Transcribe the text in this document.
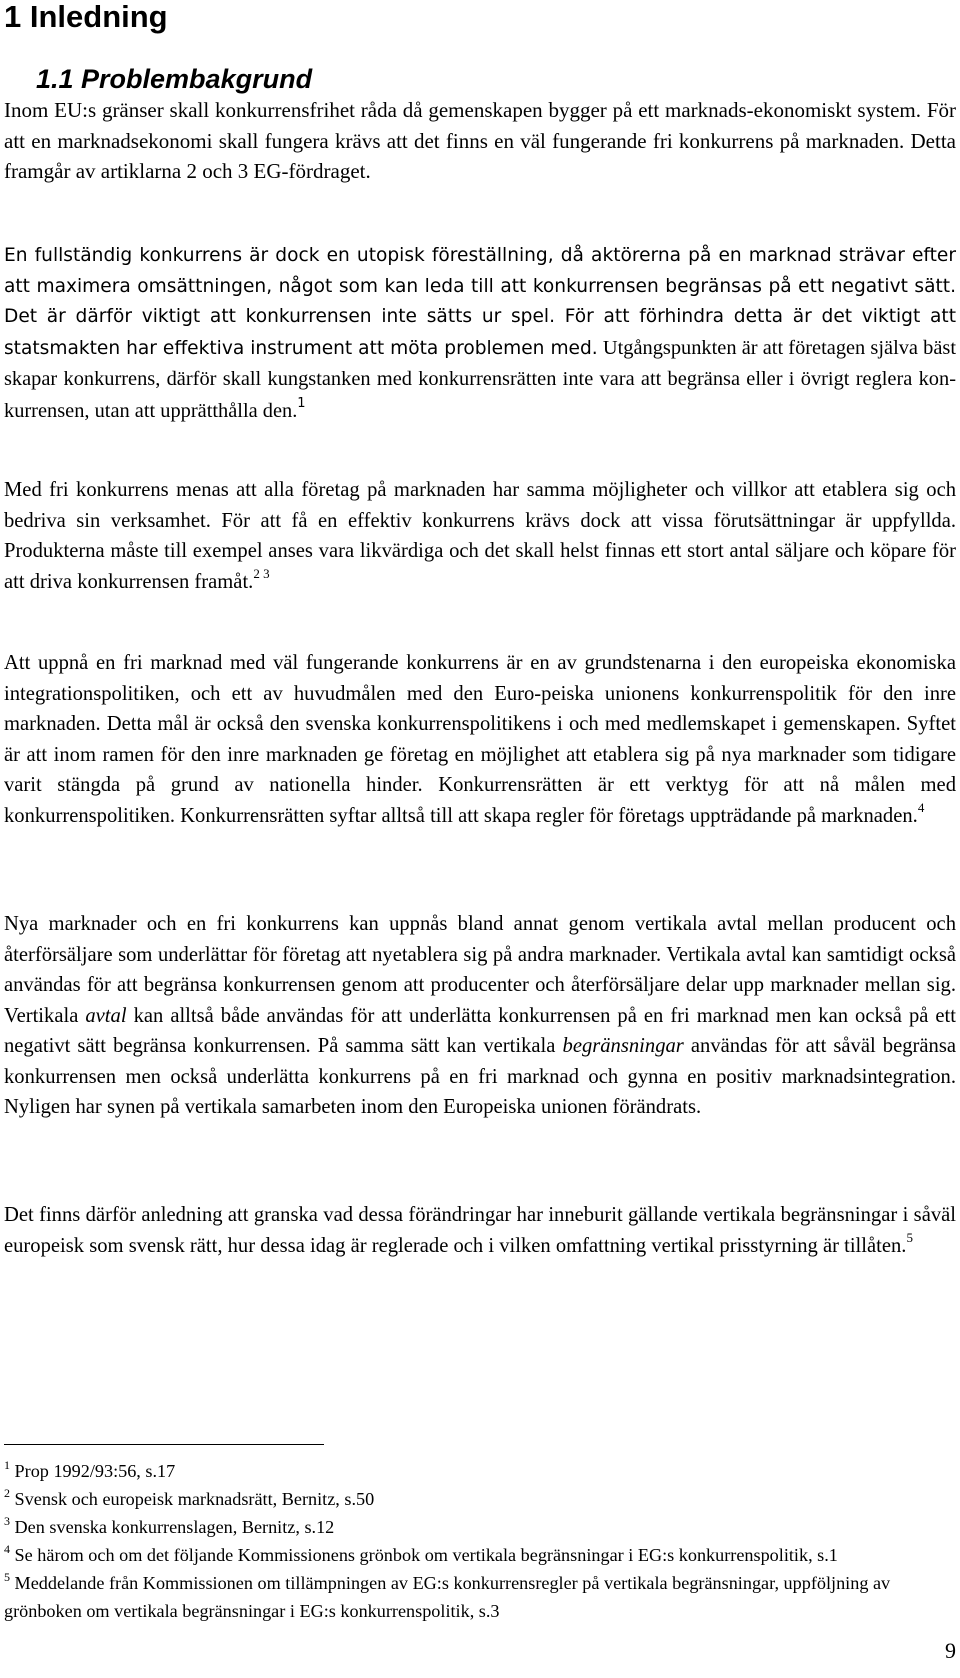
1 Inledning
1.1 Problembakgrund

Inom EU:s gränser skall konkurrensfrihet råda då gemenskapen bygger på ett marknads-ekonomiskt system. För att en marknadsekonomi skall fungera krävs att det finns en väl fungerande fri konkurrens på marknaden. Detta framgår av artiklarna 2 och 3 EG-fördraget.

En fullständig konkurrens är dock en utopisk föreställning, då aktörerna på en marknad strävar efter att maximera omsättningen, något som kan leda till att konkurrensen begränsas på ett negativt sätt. Det är därför viktigt att konkurrensen inte sätts ur spel. För att förhindra detta är det viktigt att statsmakten har effektiva instrument att möta problemen med. Utgångspunkten är att företagen själva bäst skapar konkurrens, därför skall kungstanken med konkurrensrätten inte vara att begränsa eller i övrigt reglera kon-kurrensen, utan att upprätthålla den.$^1$

Med fri konkurrens menas att alla företag på marknaden har samma möjligheter och villkor att etablera sig och bedriva sin verksamhet. För att få en effektiv konkurrens krävs dock att vissa förutsättningar är uppfyllda. Produkterna måste till exempel anses vara likvärdiga och det skall helst finnas ett stort antal säljare och köpare för att driva konkurrensen framåt.$^{2 3}$

Att uppnå en fri marknad med väl fungerande konkurrens är en av grundstenarna i den europeiska ekonomiska integrationspolitiken, och ett av huvudmålen med den Euro-peiska unionens konkurrenspolitik för den inre marknaden. Detta mål är också den svenska konkurrenspolitikens i och med medlemskapet i gemenskapen. Syftet är att inom ramen för den inre marknaden ge företag en möjlighet att etablera sig på nya marknader som tidigare varit stängda på grund av nationella hinder. Konkurrensrätten är ett verktyg för att nå målen med konkurrenspolitiken. Konkurrensrätten syftar alltså till att skapa regler för företags uppträdande på marknaden.$^4$

Nya marknader och en fri konkurrens kan uppnås bland annat genom vertikala avtal mellan producent och återförsäljare som underlättar för företag att nyetablera sig på andra marknader. Vertikala avtal kan samtidigt också användas för att begränsa konkurrensen genom att producenter och återförsäljare delar upp marknader mellan sig. Vertikala avtal kan alltså både användas för att underlätta konkurrensen på en fri marknad men kan också på ett negativt sätt begränsa konkurrensen. På samma sätt kan vertikala begränsningar användas för att såväl begränsa konkurrensen men också underlätta konkurrens på en fri marknad och gynna en positiv marknadsintegration. Nyligen har synen på vertikala samarbeten inom den Europeiska unionen förändrats.

Det finns därför anledning att granska vad dessa förändringar har inneburit gällande vertikala begränsningar i såväl europeisk som svensk rätt, hur dessa idag är reglerade och i vilken omfattning vertikal prisstyrning är tillåten.$^5$

$^1$ Prop 1992/93:56, s.17

$^2$ Svensk och europeisk marknadsrätt, Bernitz, s.50

$^3$ Den svenska konkurrenslagen, Bernitz, s.12

$^4$ Se härom och om det följande Kommissionens grönbok om vertikala begränsningar i EG:s konkurrenspolitik, s.1

$^5$ Meddelande från Kommissionen om tillämpningen av EG:s konkurrensregler på vertikala begränsningar, uppföljning av grönboken om vertikala begränsningar i EG:s konkurrenspolitik, s.3

9
